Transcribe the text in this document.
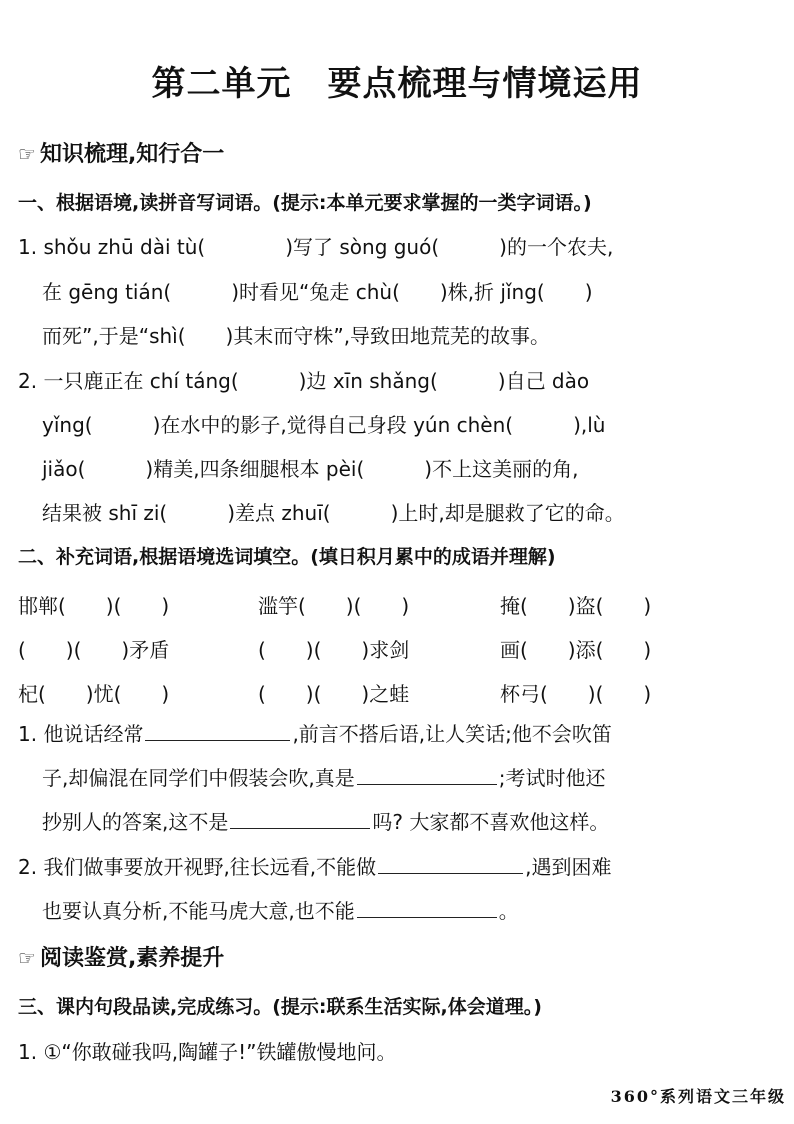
第二单元 要点梳理与情境运用
☞ 知识梳理,知行合一
一、根据语境,读拼音写词语。(提示:本单元要求掌握的一类字词语。)
1. shǒu zhū dài tù(　　　　)写了 sòng guó(　　　)的一个农夫,
在 gēng tián(　　　)时看见“兔走 chù(　　)株,折 jǐng(　　)
而死”,于是“shì(　　)其末而守株”,导致田地荒芜的故事。
2. 一只鹿正在 chí táng(　　　)边 xīn shǎng(　　　)自己 dào
yǐng(　　　)在水中的影子,觉得自己身段 yún chèn(　　　),lù
jiǎo(　　　)精美,四条细腿根本 pèi(　　　)不上这美丽的角,
结果被 shī zi(　　　)差点 zhuī(　　　)上时,却是腿救了它的命。
二、补充词语,根据语境选词填空。(填日积月累中的成语并理解)
邯郸(　　)(　　)	滥竽(　　)(　　)	掩(　　)盗(　　)
(　　)(　　)矛盾	(　　)(　　)求剑	画(　　)添(　　)
杞(　　)忧(　　)	(　　)(　　)之蛙	杯弓(　　)(　　)
1. 他说话经常	,前言不搭后语,让人笑话;他不会吹笛
子,却偏混在同学们中假装会吹,真是	;考试时他还
抄别人的答案,这不是	吗? 大家都不喜欢他这样。
2. 我们做事要放开视野,往长远看,不能做	,遇到困难
也要认真分析,不能马虎大意,也不能	。
☞ 阅读鉴赏,素养提升
三、课内句段品读,完成练习。(提示:联系生活实际,体会道理。)
1. ①“你敢碰我吗,陶罐子!”铁罐傲慢地问。
360°系列语文三年级
